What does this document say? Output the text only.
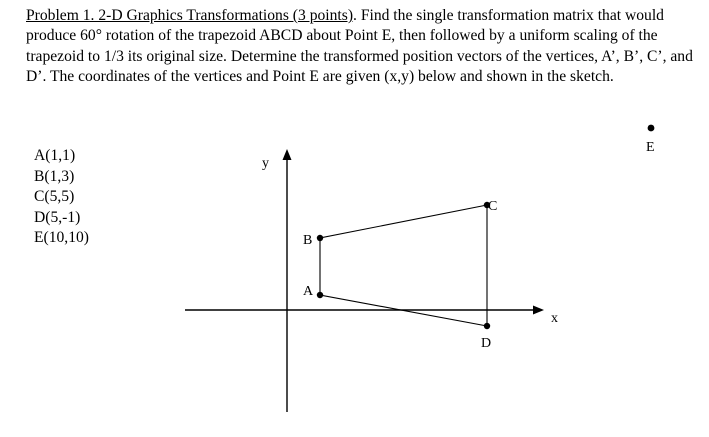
Problem 1. 2-D Graphics Transformations (3 points). Find the single transformation matrix that would produce 60° rotation of the trapezoid ABCD about Point E, then followed by a uniform scaling of the trapezoid to 1/3 its original size. Determine the transformed position vectors of the vertices, A’, B’, C’, and D’. The coordinates of the vertices and Point E are given (x,y) below and shown in the sketch.

A(1,1)
B(1,3)
C(5,5)
D(5,-1)
E(10,10)
x
y
A
B
C
D
E
